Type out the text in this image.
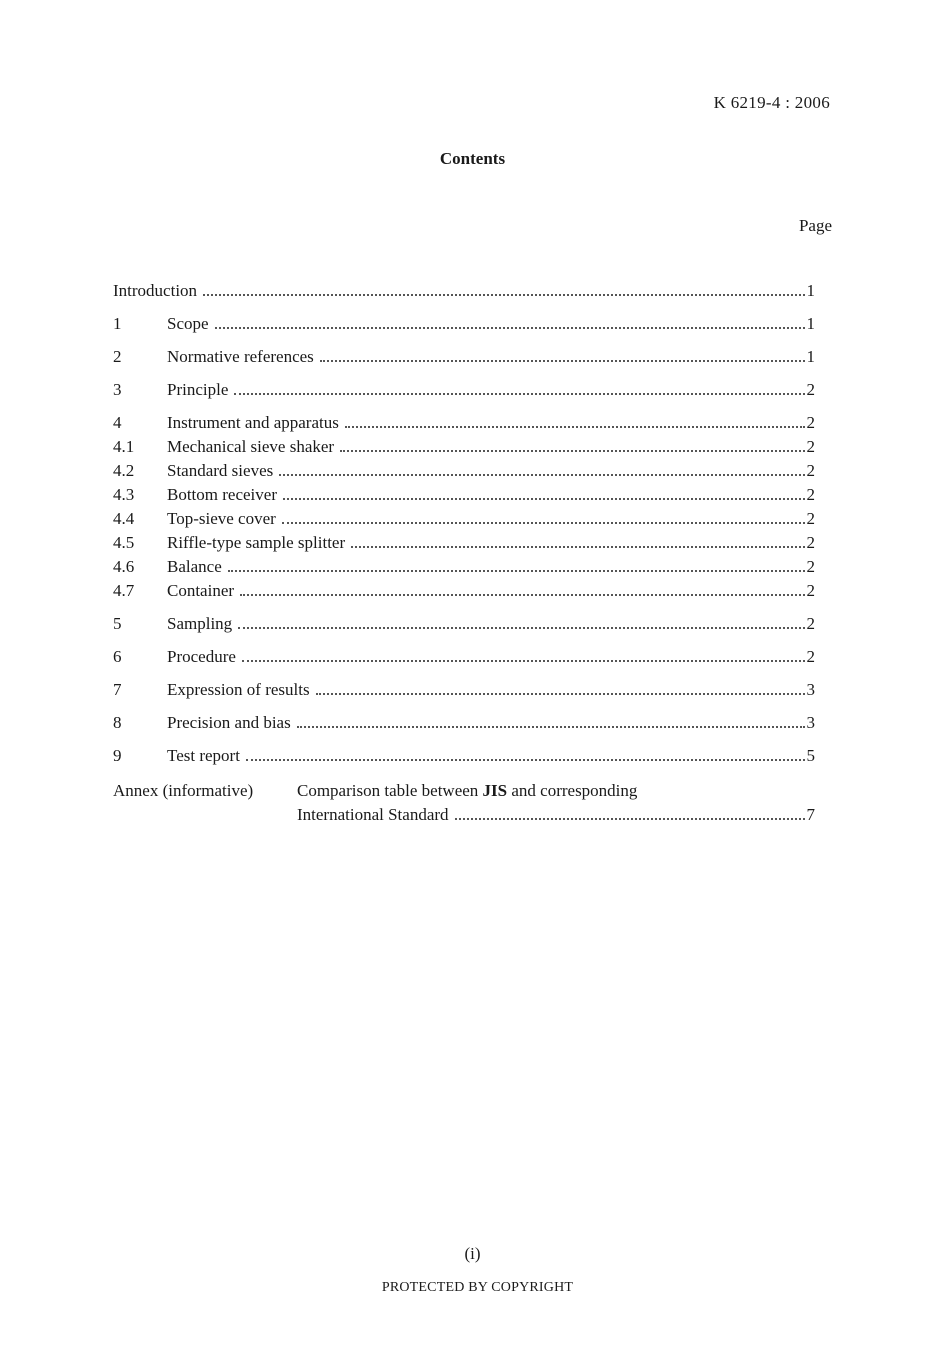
K 6219-4 : 2006
Contents
Page
Introduction	1
1	Scope	1
2	Normative references	1
3	Principle	2
4	Instrument and apparatus	2
4.1	Mechanical sieve shaker	2
4.2	Standard sieves	2
4.3	Bottom receiver	2
4.4	Top-sieve cover	2
4.5	Riffle-type sample splitter	2
4.6	Balance	2
4.7	Container	2
5	Sampling	2
6	Procedure	2
7	Expression of results	3
8	Precision and bias	3
9	Test report	5
Annex (informative)	Comparison table between JIS and corresponding
International Standard	7
(i)
PROTECTED BY COPYRIGHT
